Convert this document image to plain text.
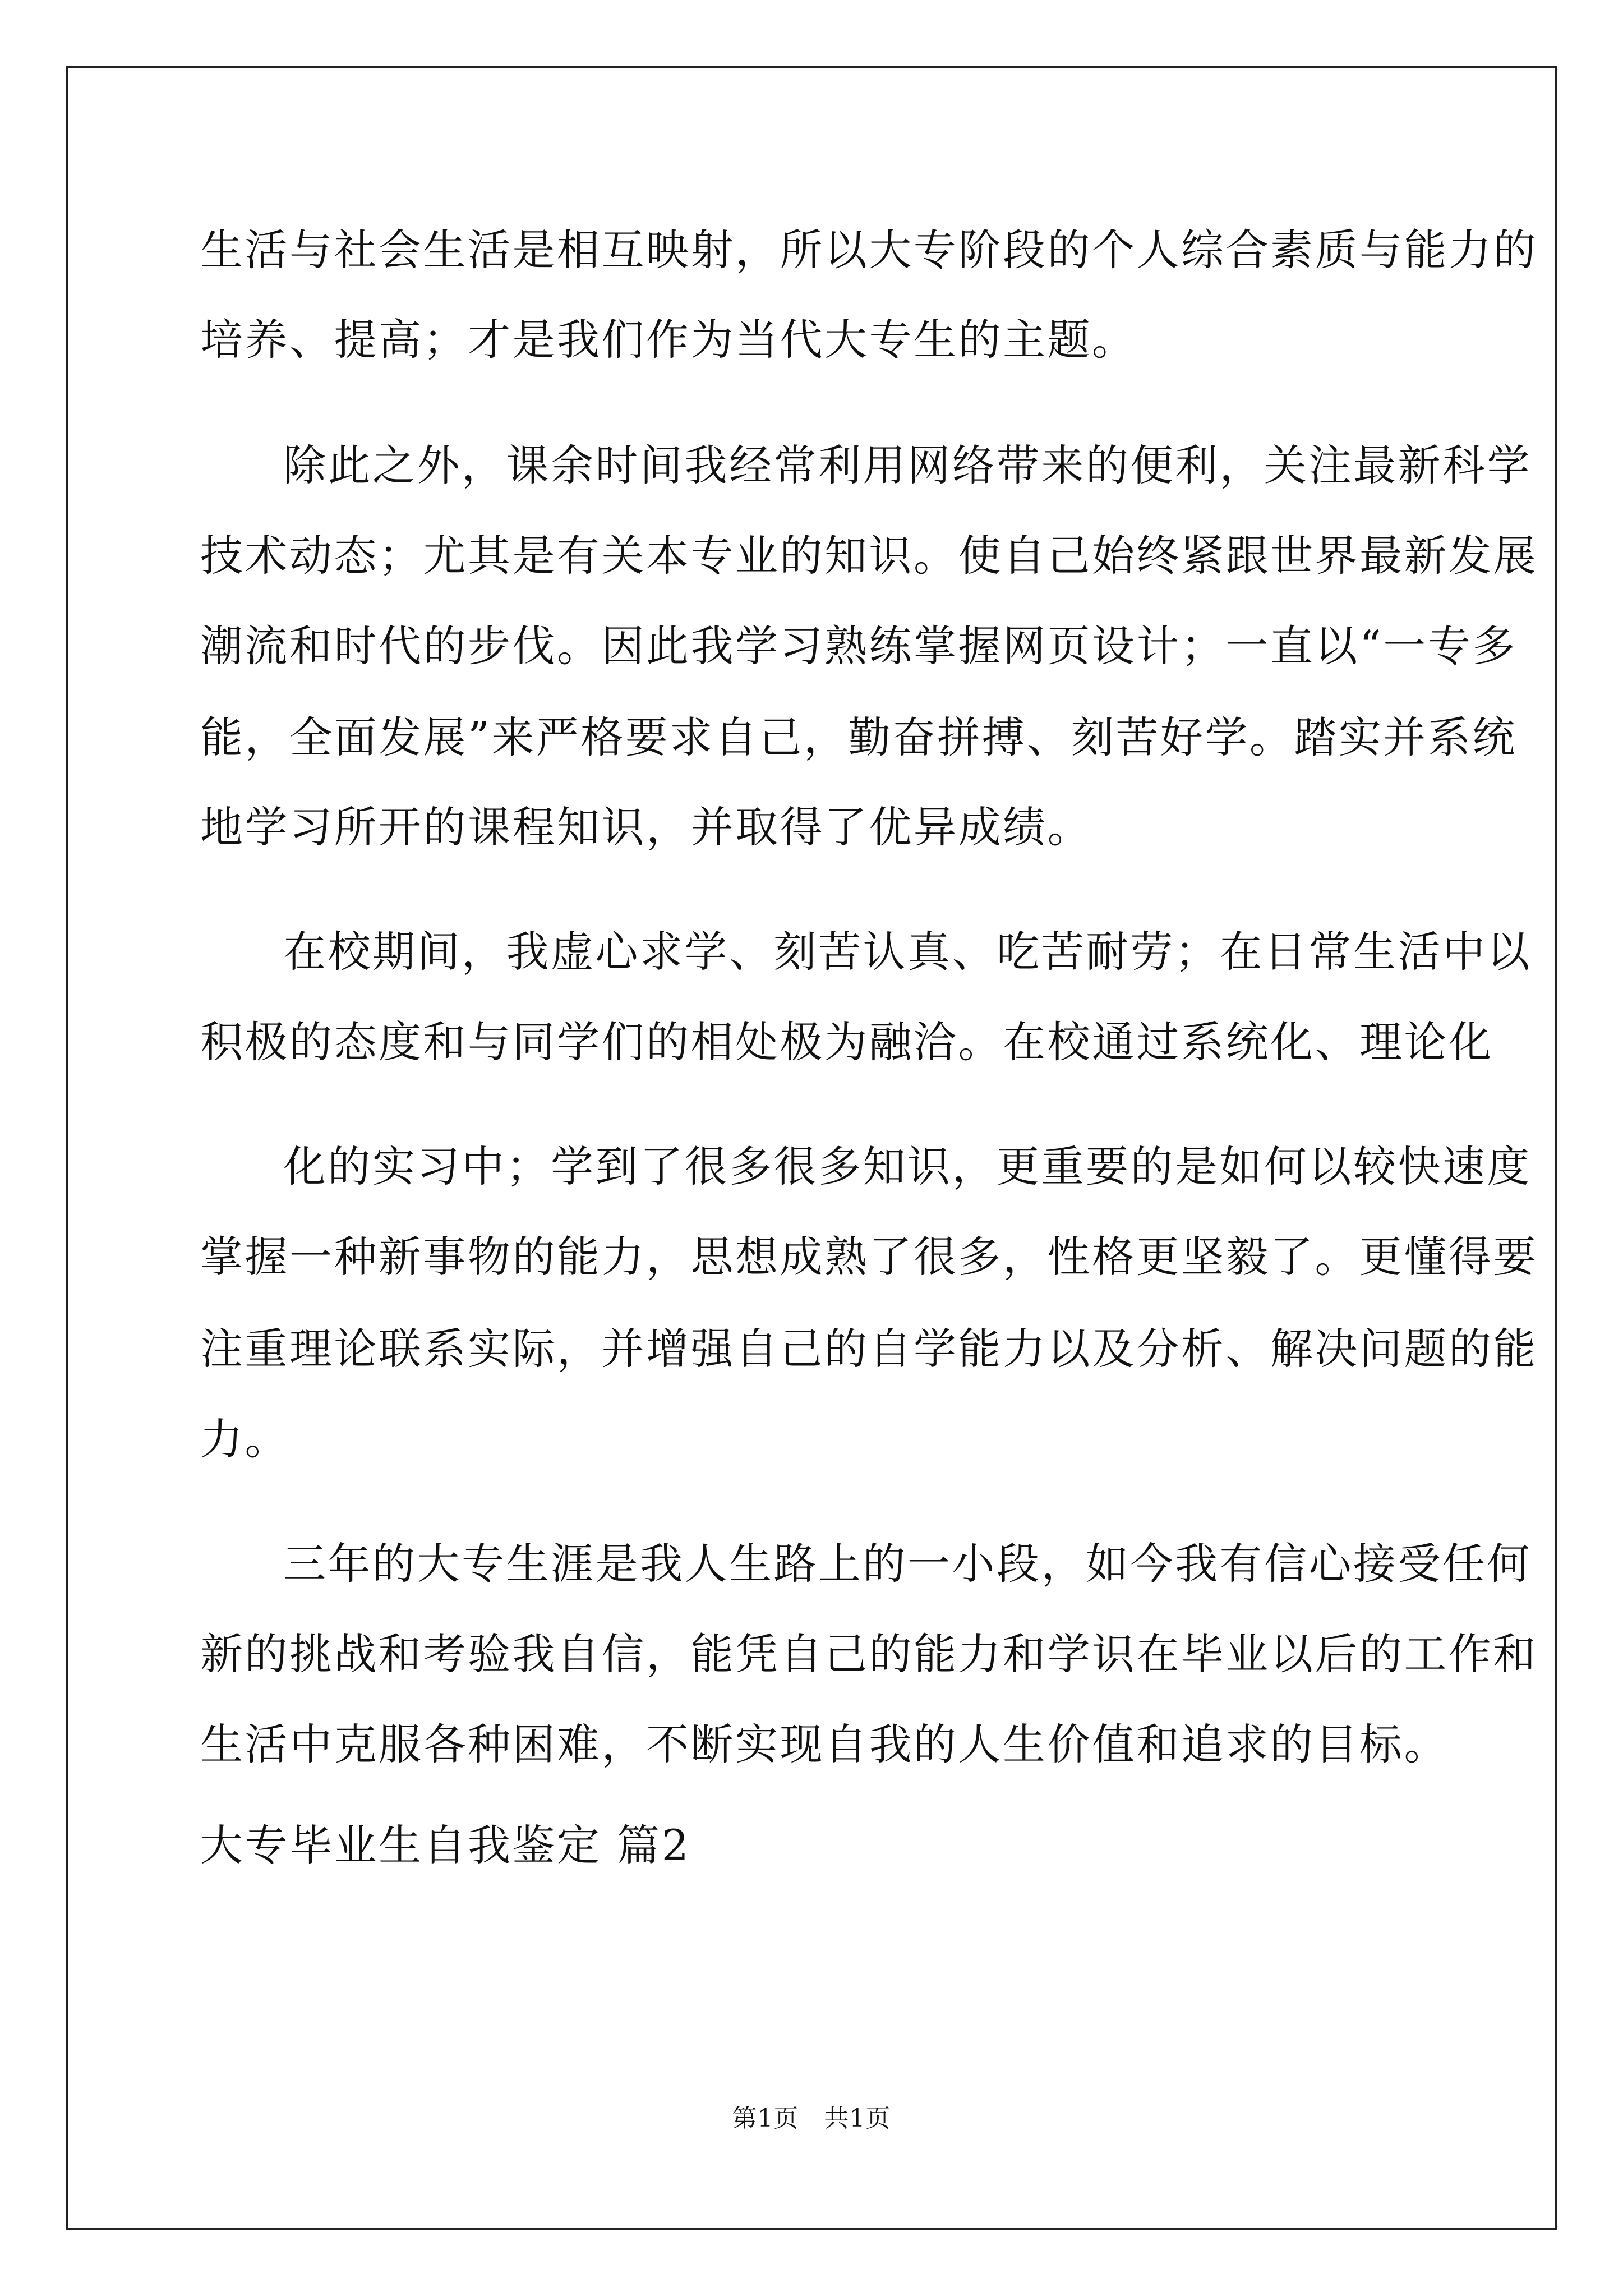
生活与社会生活是相互映射，所以大专阶段的个人综合素质与能力的
培养、提高；才是我们作为当代大专生的主题。
除此之外，课余时间我经常利用网络带来的便利，关注最新科学
技术动态；尤其是有关本专业的知识。使自己始终紧跟世界最新发展
潮流和时代的步伐。因此我学习熟练掌握网页设计；一直以“一专多
能，全面发展”来严格要求自己，勤奋拼搏、刻苦好学。踏实并系统
地学习所开的课程知识，并取得了优异成绩。
在校期间，我虚心求学、刻苦认真、吃苦耐劳；在日常生活中以
积极的态度和与同学们的相处极为融洽。在校通过系统化、理论化
化的实习中；学到了很多很多知识，更重要的是如何以较快速度
掌握一种新事物的能力，思想成熟了很多，性格更坚毅了。更懂得要
注重理论联系实际，并增强自己的自学能力以及分析、解决问题的能
力。
三年的大专生涯是我人生路上的一小段，如今我有信心接受任何
新的挑战和考验我自信，能凭自己的能力和学识在毕业以后的工作和
生活中克服各种困难，不断实现自我的人生价值和追求的目标。
大专毕业生自我鉴定 篇2
第1页　共1页
